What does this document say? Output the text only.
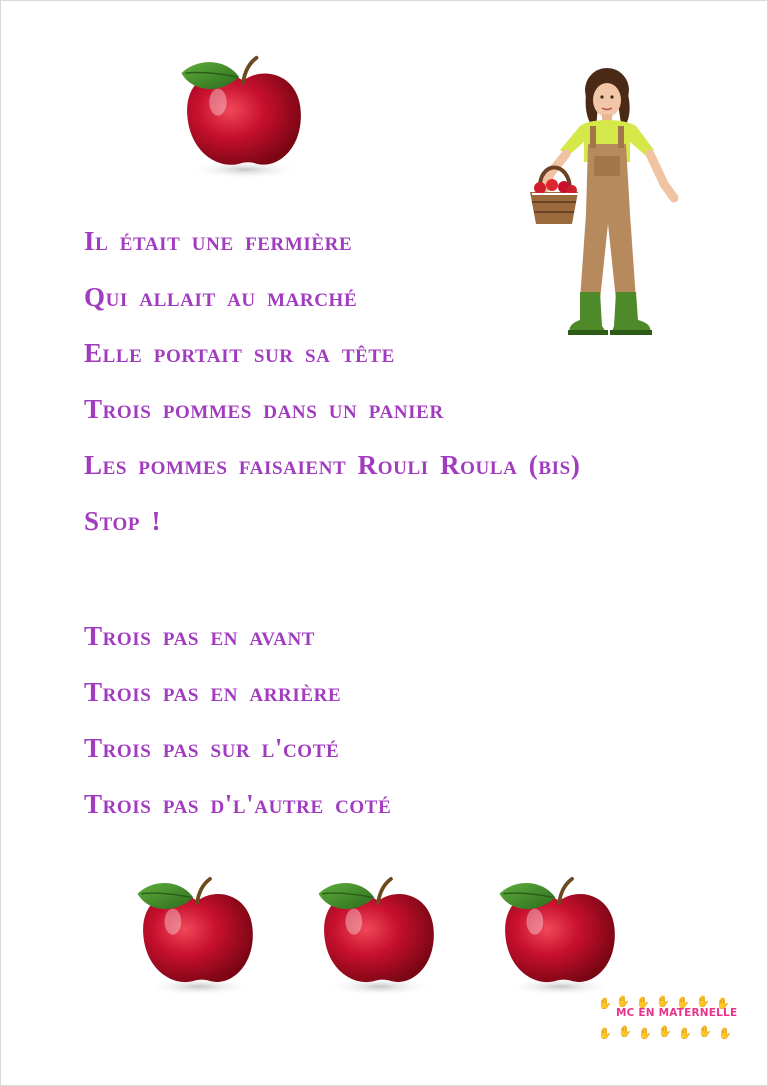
Il était une fermière

Qui allait au marché

Elle portait sur sa tête

Trois pommes dans un panier

Les pommes faisaient Rouli Roula (bis)

Stop !

Trois pas en avant

Trois pas en arrière

Trois pas sur l'coté

Trois pas d'l'autre coté

✋ ✋ ✋ ✋ ✋ ✋ ✋
✋ ✋ ✋ ✋ ✋ ✋ ✋
MC EN MATERNELLE
